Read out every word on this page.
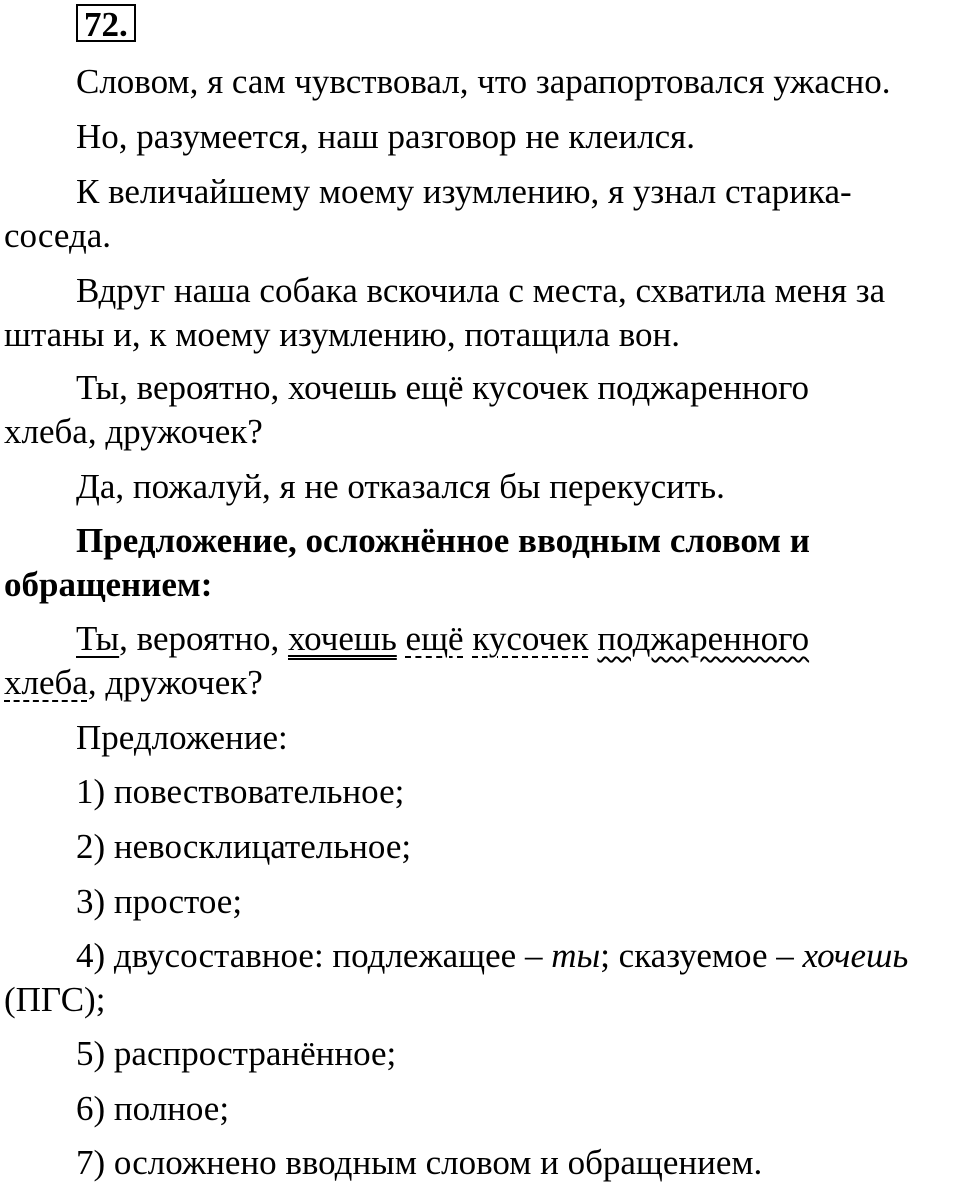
72.

Словом, я сам чувствовал, что зарапортовался ужасно.

Но, разумеется, наш разговор не клеился.

К величайшему моему изумлению, я узнал старика-соседа.

Вдруг наша собака вскочила с места, схватила меня за штаны и, к моему изумлению, потащила вон.

Ты, вероятно, хочешь ещё кусочек поджаренного хлеба, дружочек?

Да, пожалуй, я не отказался бы перекусить.

Предложение, осложнённое вводным словом и обращением:

Ты, вероятно, хочешь ещё кусочек поджаренного хлеба, дружочек?

Предложение:

1) повествовательное;

2) невосклицательное;

3) простое;

4) двусоставное: подлежащее – ты; сказуемое – хочешь (ПГС);

5) распространённое;

6) полное;

7) осложнено вводным словом и обращением.
